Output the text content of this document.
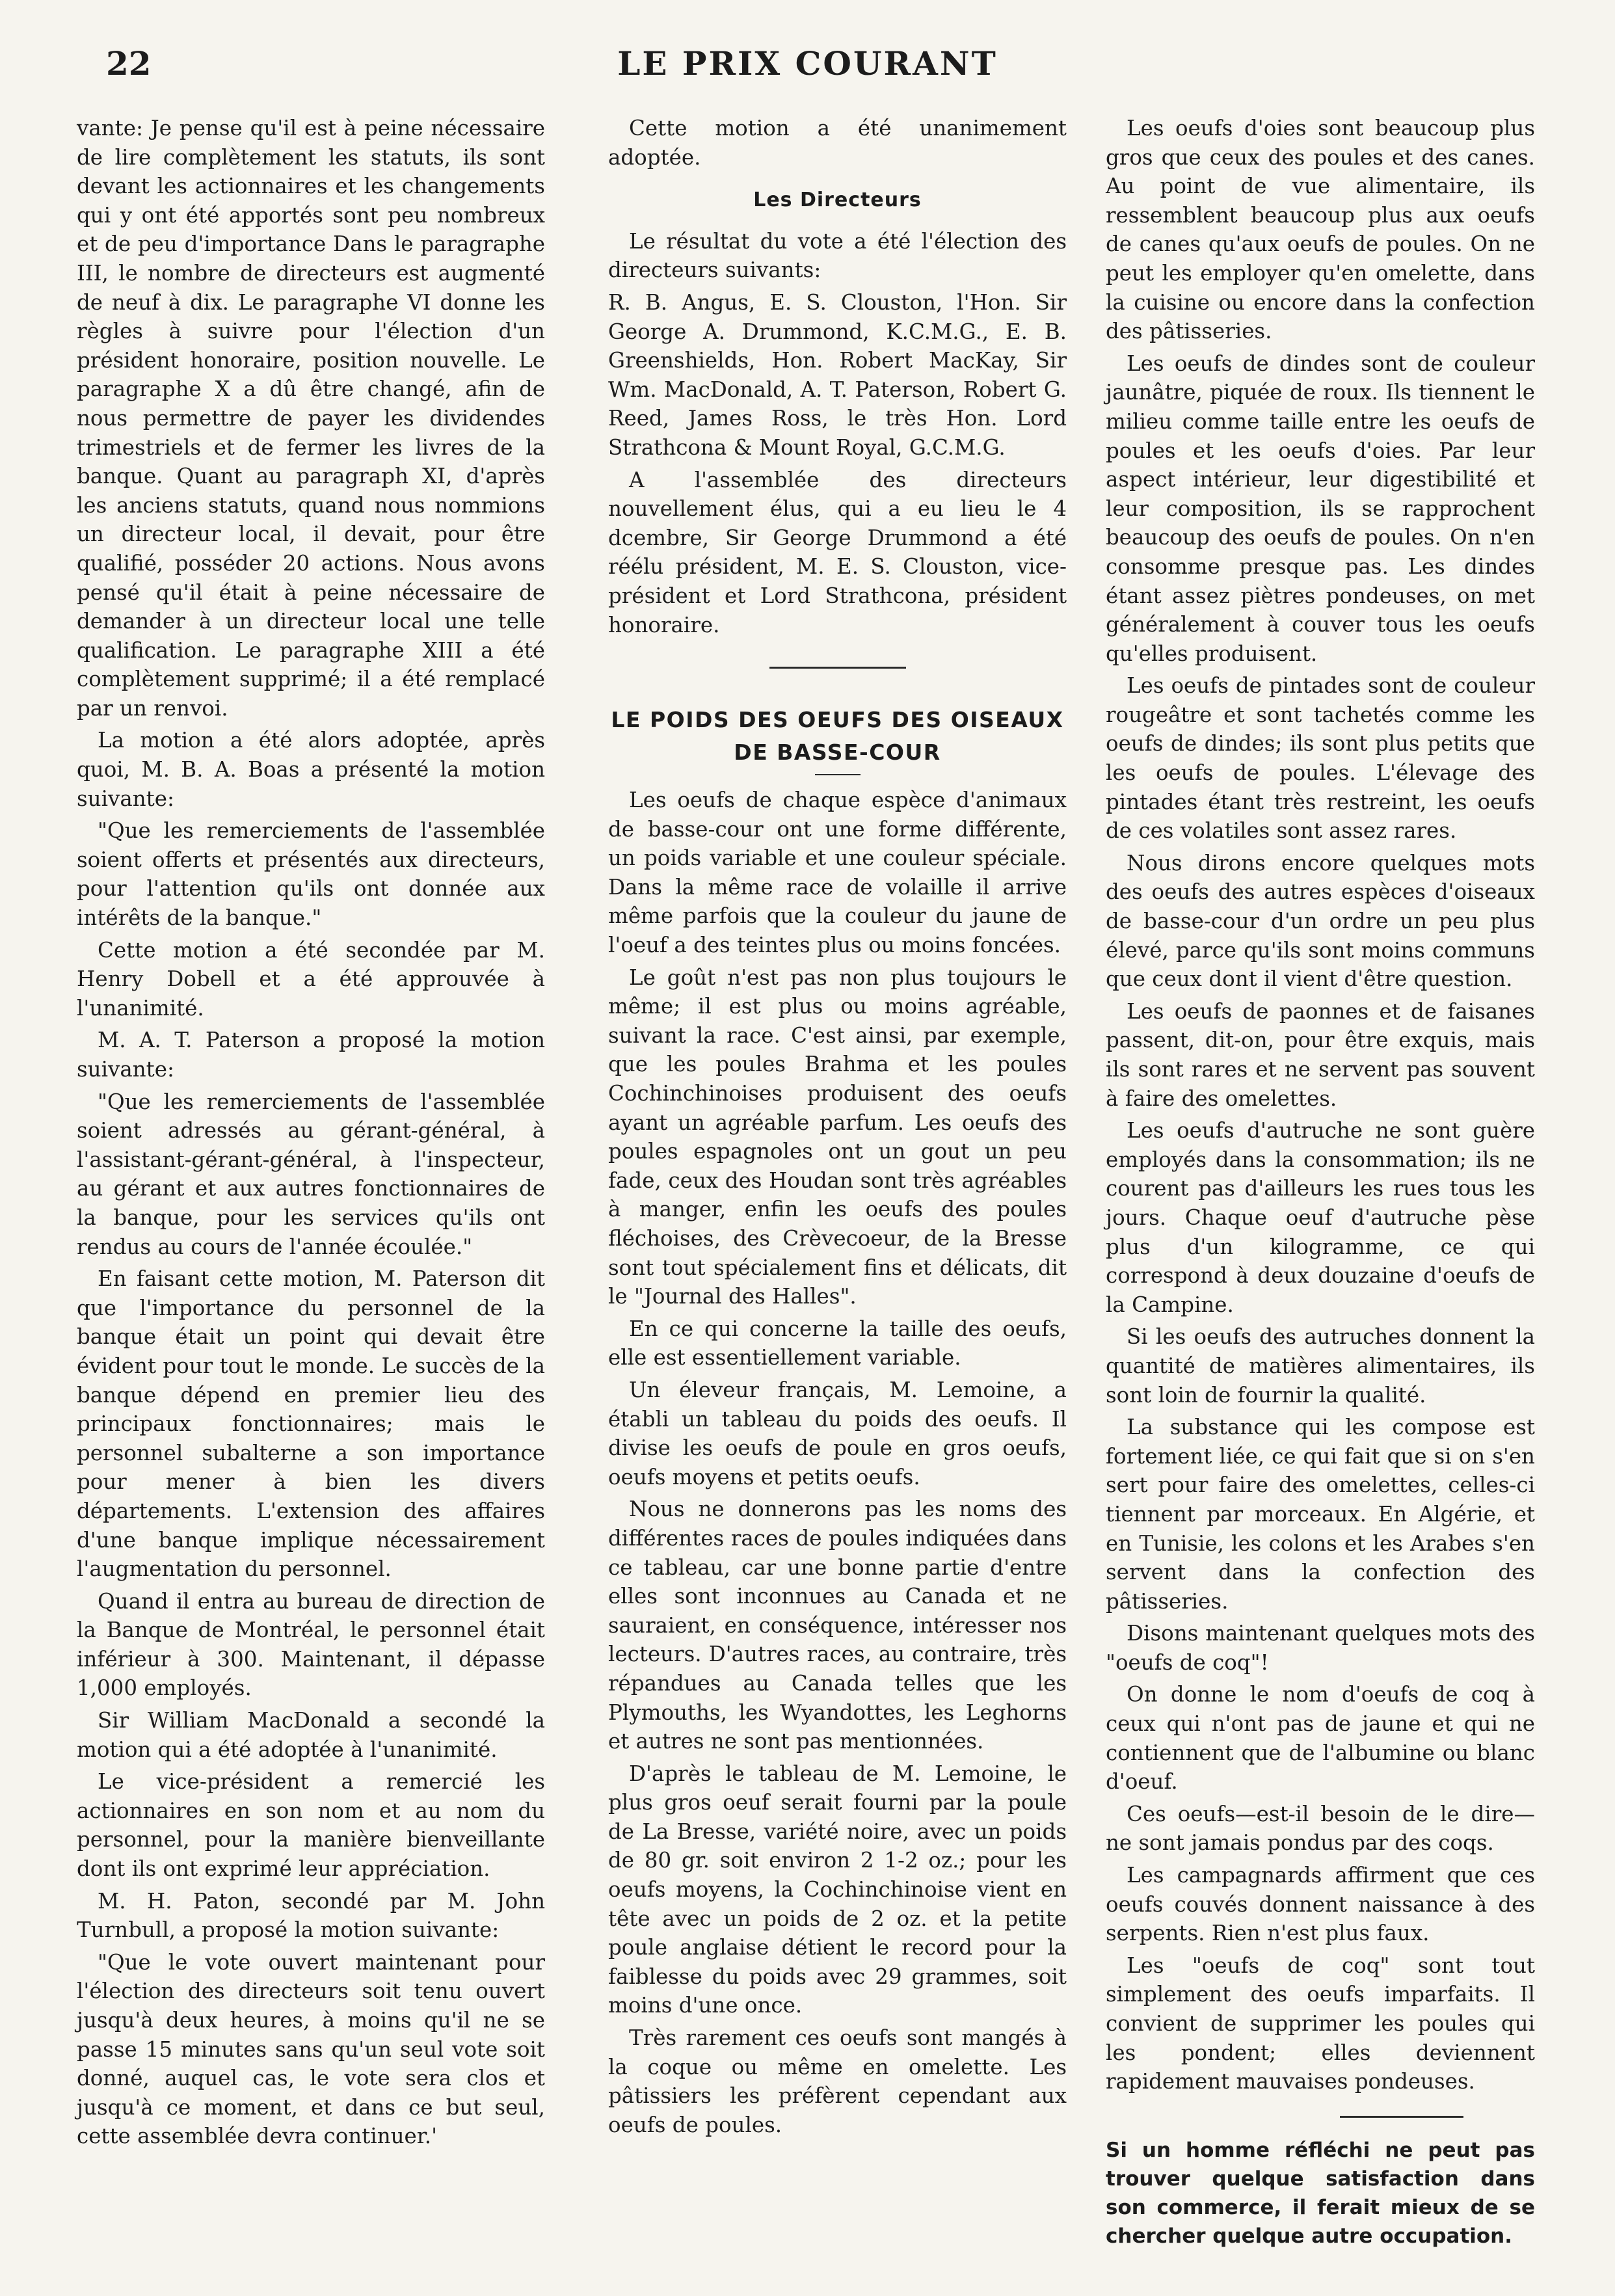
22	LE PRIX COURANT

vante: Je pense qu'il est à peine nécessaire de lire complètement les statuts, ils sont devant les actionnaires et les changements qui y ont été apportés sont peu nombreux et de peu d'importance Dans le paragraphe III, le nombre de directeurs est augmenté de neuf à dix. Le paragraphe VI donne les règles à suivre pour l'élection d'un président honoraire, position nouvelle. Le paragraphe X a dû être changé, afin de nous permettre de payer les dividendes trimestriels et de fermer les livres de la banque. Quant au paragraph XI, d'après les anciens statuts, quand nous nommions un directeur local, il devait, pour être qualifié, posséder 20 actions. Nous avons pensé qu'il était à peine nécessaire de demander à un directeur local une telle qualification. Le paragraphe XIII a été complètement supprimé; il a été remplacé par un renvoi.

La motion a été alors adoptée, après quoi, M. B. A. Boas a présenté la motion suivante:

"Que les remerciements de l'assemblée soient offerts et présentés aux directeurs, pour l'attention qu'ils ont donnée aux intérêts de la banque."

Cette motion a été secondée par M. Henry Dobell et a été approuvée à l'unanimité.

M. A. T. Paterson a proposé la motion suivante:

"Que les remerciements de l'assemblée soient adressés au gérant-général, à l'assistant-gérant-général, à l'inspecteur, au gérant et aux autres fonctionnaires de la banque, pour les services qu'ils ont rendus au cours de l'année écoulée."

En faisant cette motion, M. Paterson dit que l'importance du personnel de la banque était un point qui devait être évident pour tout le monde. Le succès de la banque dépend en premier lieu des principaux fonctionnaires; mais le personnel subalterne a son importance pour mener à bien les divers départements. L'extension des affaires d'une banque implique nécessairement l'augmentation du personnel.

Quand il entra au bureau de direction de la Banque de Montréal, le personnel était inférieur à 300. Maintenant, il dépasse 1,000 employés.

Sir William MacDonald a secondé la motion qui a été adoptée à l'unanimité.

Le vice-président a remercié les actionnaires en son nom et au nom du personnel, pour la manière bienveillante dont ils ont exprimé leur appréciation.

M. H. Paton, secondé par M. John Turnbull, a proposé la motion suivante:

"Que le vote ouvert maintenant pour l'élection des directeurs soit tenu ouvert jusqu'à deux heures, à moins qu'il ne se passe 15 minutes sans qu'un seul vote soit donné, auquel cas, le vote sera clos et jusqu'à ce moment, et dans ce but seul, cette assemblée devra continuer.'

Cette motion a été unanimement adoptée.

Les Directeurs

Le résultat du vote a été l'élection des directeurs suivants:

R. B. Angus, E. S. Clouston, l'Hon. Sir George A. Drummond, K.C.M.G., E. B. Greenshields, Hon. Robert MacKay, Sir Wm. MacDonald, A. T. Paterson, Robert G. Reed, James Ross, le très Hon. Lord Strathcona & Mount Royal, G.C.M.G.

A l'assemblée des directeurs nouvellement élus, qui a eu lieu le 4 dcembre, Sir George Drummond a été réélu président, M. E. S. Clouston, vice-président et Lord Strathcona, président honoraire.

LE POIDS DES OEUFS DES OISEAUX
DE BASSE-COUR

Les oeufs de chaque espèce d'animaux de basse-cour ont une forme différente, un poids variable et une couleur spéciale. Dans la même race de volaille il arrive même parfois que la couleur du jaune de l'oeuf a des teintes plus ou moins foncées.

Le goût n'est pas non plus toujours le même; il est plus ou moins agréable, suivant la race. C'est ainsi, par exemple, que les poules Brahma et les poules Cochinchinoises produisent des oeufs ayant un agréable parfum. Les oeufs des poules espagnoles ont un gout un peu fade, ceux des Houdan sont très agréables à manger, enfin les oeufs des poules fléchoises, des Crèvecoeur, de la Bresse sont tout spécialement fins et délicats, dit le "Journal des Halles".

En ce qui concerne la taille des oeufs, elle est essentiellement variable.

Un éleveur français, M. Lemoine, a établi un tableau du poids des oeufs. Il divise les oeufs de poule en gros oeufs, oeufs moyens et petits oeufs.

Nous ne donnerons pas les noms des différentes races de poules indiquées dans ce tableau, car une bonne partie d'entre elles sont inconnues au Canada et ne sauraient, en conséquence, intéresser nos lecteurs. D'autres races, au contraire, très répandues au Canada telles que les Plymouths, les Wyandottes, les Leghorns et autres ne sont pas mentionnées.

D'après le tableau de M. Lemoine, le plus gros oeuf serait fourni par la poule de La Bresse, variété noire, avec un poids de 80 gr. soit environ 2 1-2 oz.; pour les oeufs moyens, la Cochinchinoise vient en tête avec un poids de 2 oz. et la petite poule anglaise détient le record pour la faiblesse du poids avec 29 grammes, soit moins d'une once.

Très rarement ces oeufs sont mangés à la coque ou même en omelette. Les pâtissiers les préfèrent cependant aux oeufs de poules.

Les oeufs d'oies sont beaucoup plus gros que ceux des poules et des canes. Au point de vue alimentaire, ils ressemblent beaucoup plus aux oeufs de canes qu'aux oeufs de poules. On ne peut les employer qu'en omelette, dans la cuisine ou encore dans la confection des pâtisseries.

Les oeufs de dindes sont de couleur jaunâtre, piquée de roux. Ils tiennent le milieu comme taille entre les oeufs de poules et les oeufs d'oies. Par leur aspect intérieur, leur digestibilité et leur composition, ils se rapprochent beaucoup des oeufs de poules. On n'en consomme presque pas. Les dindes étant assez piètres pondeuses, on met généralement à couver tous les oeufs qu'elles produisent.

Les oeufs de pintades sont de couleur rougeâtre et sont tachetés comme les oeufs de dindes; ils sont plus petits que les oeufs de poules. L'élevage des pintades étant très restreint, les oeufs de ces volatiles sont assez rares.

Nous dirons encore quelques mots des oeufs des autres espèces d'oiseaux de basse-cour d'un ordre un peu plus élevé, parce qu'ils sont moins communs que ceux dont il vient d'être question.

Les oeufs de paonnes et de faisanes passent, dit-on, pour être exquis, mais ils sont rares et ne servent pas souvent à faire des omelettes.

Les oeufs d'autruche ne sont guère employés dans la consommation; ils ne courent pas d'ailleurs les rues tous les jours. Chaque oeuf d'autruche pèse plus d'un kilogramme, ce qui correspond à deux douzaine d'oeufs de la Campine.

Si les oeufs des autruches donnent la quantité de matières alimentaires, ils sont loin de fournir la qualité.

La substance qui les compose est fortement liée, ce qui fait que si on s'en sert pour faire des omelettes, celles-ci tiennent par morceaux. En Algérie, et en Tunisie, les colons et les Arabes s'en servent dans la confection des pâtisseries.

Disons maintenant quelques mots des "oeufs de coq"!

On donne le nom d'oeufs de coq à ceux qui n'ont pas de jaune et qui ne contiennent que de l'albumine ou blanc d'oeuf.

Ces oeufs—est-il besoin de le dire—ne sont jamais pondus par des coqs.

Les campagnards affirment que ces oeufs couvés donnent naissance à des serpents. Rien n'est plus faux.

Les "oeufs de coq" sont tout simplement des oeufs imparfaits. Il convient de supprimer les poules qui les pondent; elles deviennent rapidement mauvaises pondeuses.

Si un homme réfléchi ne peut pas trouver quelque satisfaction dans son commerce, il ferait mieux de se chercher quelque autre occupation.
